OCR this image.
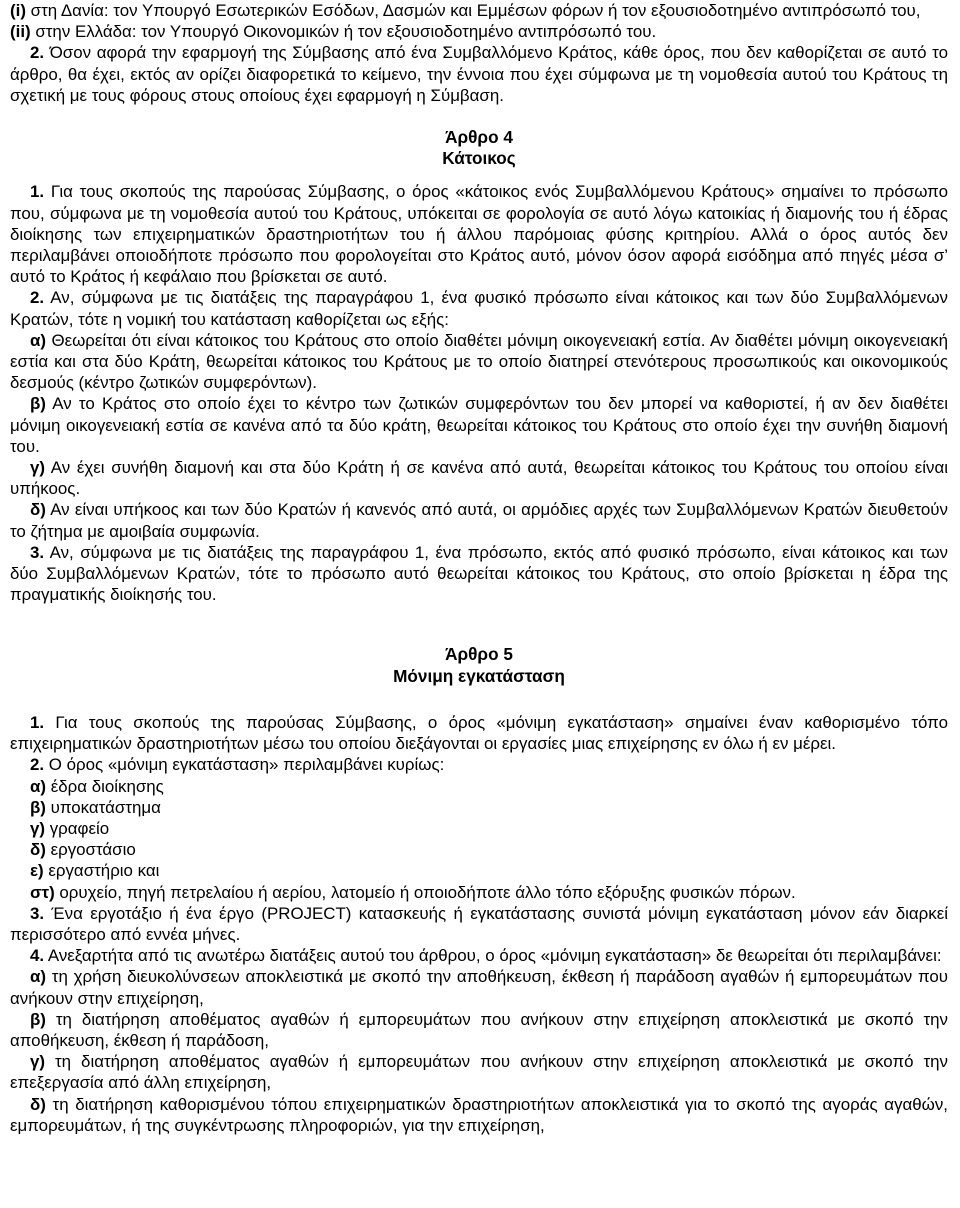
(i) στη Δανία: τον Υπουργό Εσωτερικών Εσόδων, Δασμών και Εμμέσων φόρων ή τον εξουσιοδοτημένο αντιπρόσωπό του,

(ii) στην Ελλάδα: τον Υπουργό Οικονομικών ή τον εξουσιοδοτημένο αντιπρόσωπό του.

2. Όσον αφορά την εφαρμογή της Σύμβασης από ένα Συμβαλλόμενο Κράτος, κάθε όρος, που δεν καθορίζεται σε αυτό το άρθρο, θα έχει, εκτός αν ορίζει διαφορετικά το κείμενο, την έννοια που έχει σύμφωνα με τη νομοθεσία αυτού του Κράτους τη σχετική με τους φόρους στους οποίους έχει εφαρμογή η Σύμβαση.

Άρθρο 4
Κάτοικος

1. Για τους σκοπούς της παρούσας Σύμβασης, ο όρος «κάτοικος ενός Συμβαλλόμενου Κράτους» σημαίνει το πρόσωπο που, σύμφωνα με τη νομοθεσία αυτού του Κράτους, υπόκειται σε φορολογία σε αυτό λόγω κατοικίας ή διαμονής του ή έδρας διοίκησης των επιχειρηματικών δραστηριοτήτων του ή άλλου παρόμοιας φύσης κριτηρίου. Αλλά ο όρος αυτός δεν περιλαμβάνει οποιοδήποτε πρόσωπο που φορολογείται στο Κράτος αυτό, μόνον όσον αφορά εισόδημα από πηγές μέσα σ’ αυτό το Κράτος ή κεφάλαιο που βρίσκεται σε αυτό.

2. Αν, σύμφωνα με τις διατάξεις της παραγράφου 1, ένα φυσικό πρόσωπο είναι κάτοικος και των δύο Συμβαλλόμενων Κρατών, τότε η νομική του κατάσταση καθορίζεται ως εξής:

α) Θεωρείται ότι είναι κάτοικος του Κράτους στο οποίο διαθέτει μόνιμη οικογενειακή εστία. Αν διαθέτει μόνιμη οικογενειακή εστία και στα δύο Κράτη, θεωρείται κάτοικος του Κράτους με το οποίο διατηρεί στενότερους προσωπικούς και οικονομικούς δεσμούς (κέντρο ζωτικών συμφερόντων).

β) Αν το Κράτος στο οποίο έχει το κέντρο των ζωτικών συμφερόντων του δεν μπορεί να καθοριστεί, ή αν δεν διαθέτει μόνιμη οικογενειακή εστία σε κανένα από τα δύο κράτη, θεωρείται κάτοικος του Κράτους στο οποίο έχει την συνήθη διαμονή του.

γ) Αν έχει συνήθη διαμονή και στα δύο Κράτη ή σε κανένα από αυτά, θεωρείται κάτοικος του Κράτους του οποίου είναι υπήκοος.

δ) Αν είναι υπήκοος και των δύο Κρατών ή κανενός από αυτά, οι αρμόδιες αρχές των Συμβαλλόμενων Κρατών διευθετούν το ζήτημα με αμοιβαία συμφωνία.

3. Αν, σύμφωνα με τις διατάξεις της παραγράφου 1, ένα πρόσωπο, εκτός από φυσικό πρόσωπο, είναι κάτοικος και των δύο Συμβαλλόμενων Κρατών, τότε το πρόσωπο αυτό θεωρείται κάτοικος του Κράτους, στο οποίο βρίσκεται η έδρα της πραγματικής διοίκησής του.

Άρθρο 5
Μόνιμη εγκατάσταση

1. Για τους σκοπούς της παρούσας Σύμβασης, ο όρος «μόνιμη εγκατάσταση» σημαίνει έναν καθορισμένο τόπο επιχειρηματικών δραστηριοτήτων μέσω του οποίου διεξάγονται οι εργασίες μιας επιχείρησης εν όλω ή εν μέρει.

2. Ο όρος «μόνιμη εγκατάσταση» περιλαμβάνει κυρίως:

α) έδρα διοίκησης

β) υποκατάστημα

γ) γραφείο

δ) εργοστάσιο

ε) εργαστήριο και

στ) ορυχείο, πηγή πετρελαίου ή αερίου, λατομείο ή οποιοδήποτε άλλο τόπο εξόρυξης φυσικών πόρων.

3. Ένα εργοτάξιο ή ένα έργο (PROJECT) κατασκευής ή εγκατάστασης συνιστά μόνιμη εγκατάσταση μόνον εάν διαρκεί περισσότερο από εννέα μήνες.

4. Ανεξαρτήτα από τις ανωτέρω διατάξεις αυτού του άρθρου, ο όρος «μόνιμη εγκατάσταση» δε θεωρείται ότι περιλαμβάνει:

α) τη χρήση διευκολύνσεων αποκλειστικά με σκοπό την αποθήκευση, έκθεση ή παράδοση αγαθών ή εμπορευμάτων που ανήκουν στην επιχείρηση,

β) τη διατήρηση αποθέματος αγαθών ή εμπορευμάτων που ανήκουν στην επιχείρηση αποκλειστικά με σκοπό την αποθήκευση, έκθεση ή παράδοση,

γ) τη διατήρηση αποθέματος αγαθών ή εμπορευμάτων που ανήκουν στην επιχείρηση αποκλειστικά με σκοπό την επεξεργασία από άλλη επιχείρηση,

δ) τη διατήρηση καθορισμένου τόπου επιχειρηματικών δραστηριοτήτων αποκλειστικά για το σκοπό της αγοράς αγαθών, εμπορευμάτων, ή της συγκέντρωσης πληροφοριών, για την επιχείρηση,
